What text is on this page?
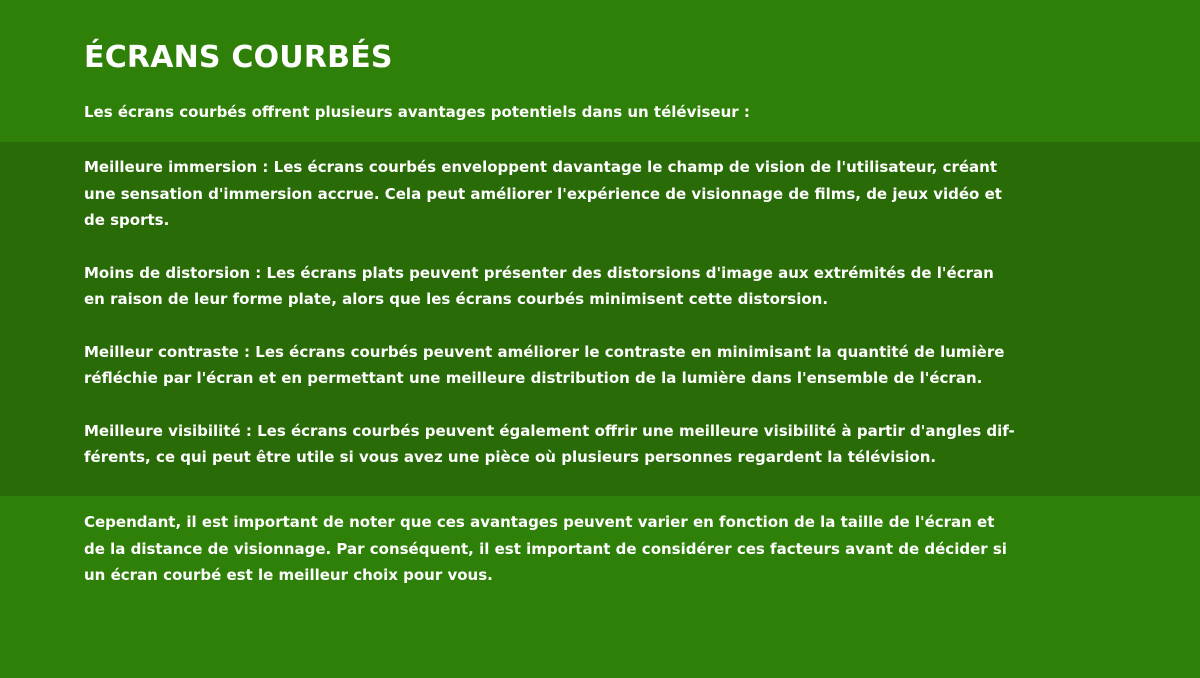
ÉCRANS COURBÉS

Les écrans courbés offrent plusieurs avantages potentiels dans un téléviseur :

Meilleure immersion : Les écrans courbés enveloppent davantage le champ de vision de l'utilisateur, créant
une sensation d'immersion accrue. Cela peut améliorer l'expérience de visionnage de films, de jeux vidéo et
de sports.

Moins de distorsion : Les écrans plats peuvent présenter des distorsions d'image aux extrémités de l'écran
en raison de leur forme plate, alors que les écrans courbés minimisent cette distorsion.

Meilleur contraste : Les écrans courbés peuvent améliorer le contraste en minimisant la quantité de lumière
réfléchie par l'écran et en permettant une meilleure distribution de la lumière dans l'ensemble de l'écran.

Meilleure visibilité : Les écrans courbés peuvent également offrir une meilleure visibilité à partir d'angles dif-
férents, ce qui peut être utile si vous avez une pièce où plusieurs personnes regardent la télévision.

Cependant, il est important de noter que ces avantages peuvent varier en fonction de la taille de l'écran et
de la distance de visionnage. Par conséquent, il est important de considérer ces facteurs avant de décider si
un écran courbé est le meilleur choix pour vous.
